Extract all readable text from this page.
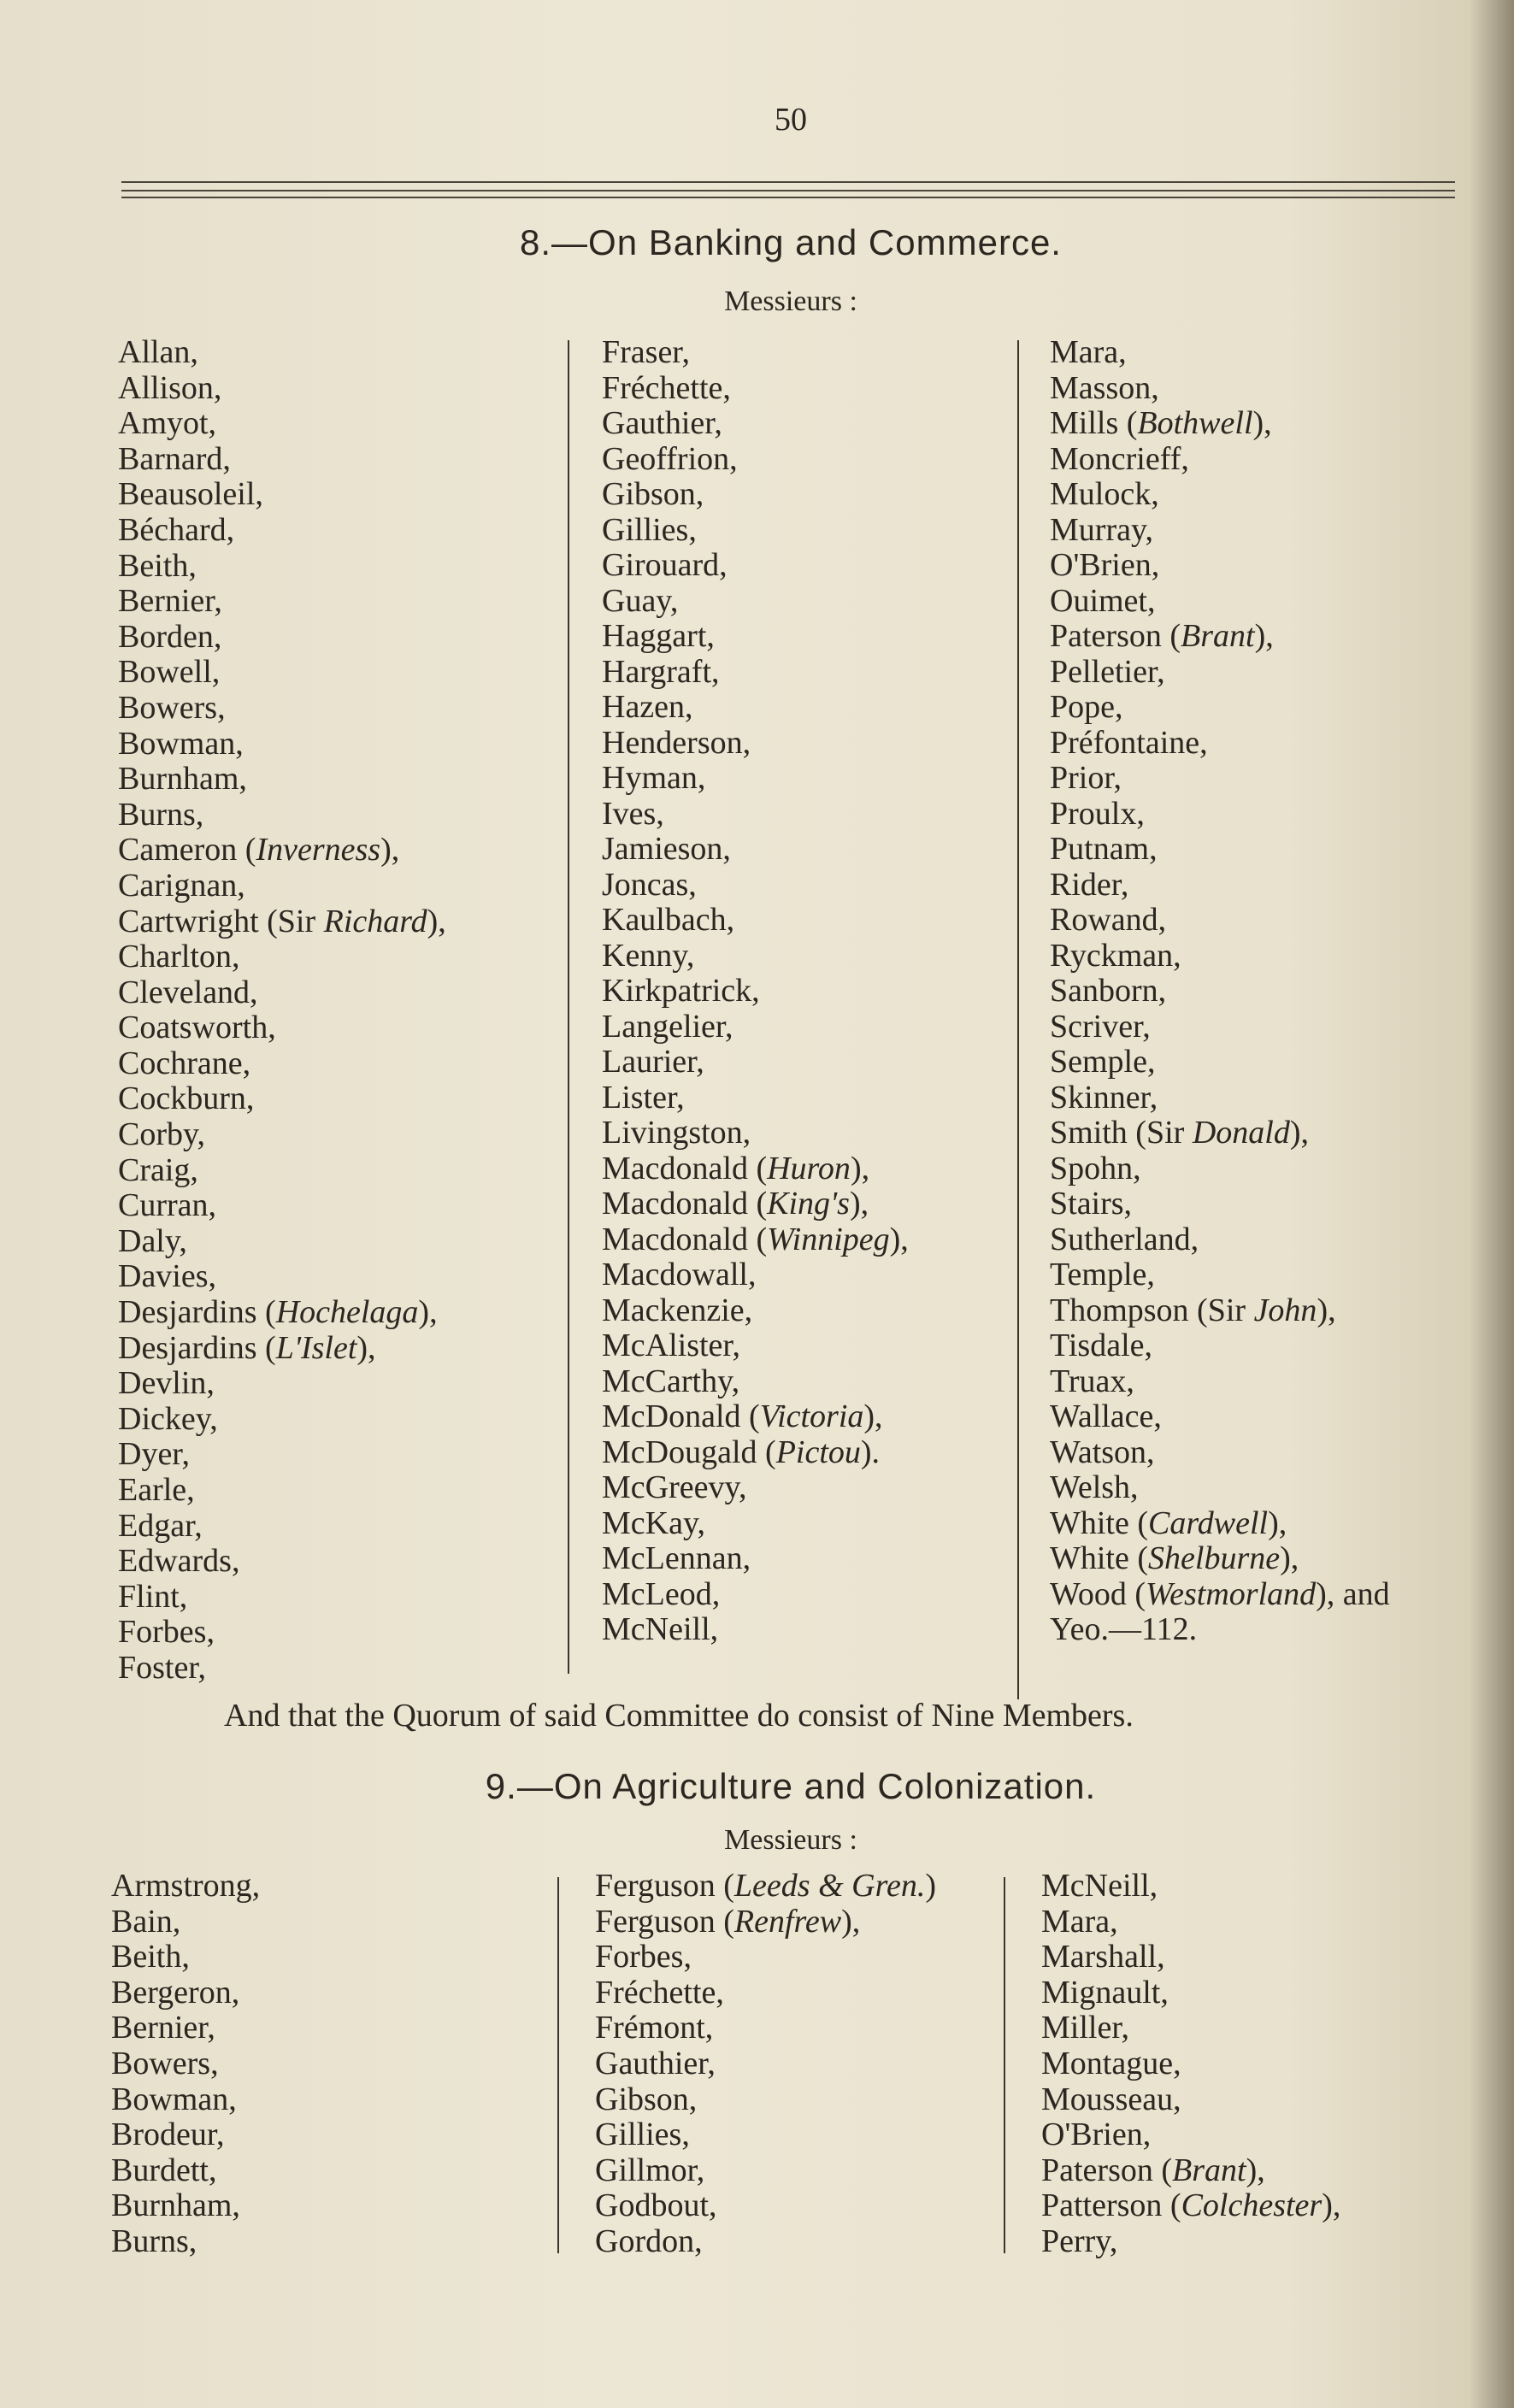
50
8.—On Banking and Commerce.
Messieurs :
Allan,
Allison,
Amyot,
Barnard,
Beausoleil,
Béchard,
Beith,
Bernier,
Borden,
Bowell,
Bowers,
Bowman,
Burnham,
Burns,
Cameron (Inverness),
Carignan,
Cartwright (Sir Richard),
Charlton,
Cleveland,
Coatsworth,
Cochrane,
Cockburn,
Corby,
Craig,
Curran,
Daly,
Davies,
Desjardins (Hochelaga),
Desjardins (L'Islet),
Devlin,
Dickey,
Dyer,
Earle,
Edgar,
Edwards,
Flint,
Forbes,
Foster,
Fraser,
Fréchette,
Gauthier,
Geoffrion,
Gibson,
Gillies,
Girouard,
Guay,
Haggart,
Hargraft,
Hazen,
Henderson,
Hyman,
Ives,
Jamieson,
Joncas,
Kaulbach,
Kenny,
Kirkpatrick,
Langelier,
Laurier,
Lister,
Livingston,
Macdonald (Huron),
Macdonald (King's),
Macdonald (Winnipeg),
Macdowall,
Mackenzie,
McAlister,
McCarthy,
McDonald (Victoria),
McDougald (Pictou).
McGreevy,
McKay,
McLennan,
McLeod,
McNeill,
Mara,
Masson,
Mills (Bothwell),
Moncrieff,
Mulock,
Murray,
O'Brien,
Ouimet,
Paterson (Brant),
Pelletier,
Pope,
Préfontaine,
Prior,
Proulx,
Putnam,
Rider,
Rowand,
Ryckman,
Sanborn,
Scriver,
Semple,
Skinner,
Smith (Sir Donald),
Spohn,
Stairs,
Sutherland,
Temple,
Thompson (Sir John),
Tisdale,
Truax,
Wallace,
Watson,
Welsh,
White (Cardwell),
White (Shelburne),
Wood (Westmorland), and
Yeo.—112.
And that the Quorum of said Committee do consist of Nine Members.
9.—On Agriculture and Colonization.
Messieurs :
Armstrong,
Bain,
Beith,
Bergeron,
Bernier,
Bowers,
Bowman,
Brodeur,
Burdett,
Burnham,
Burns,
Ferguson (Leeds & Gren.)
Ferguson (Renfrew),
Forbes,
Fréchette,
Frémont,
Gauthier,
Gibson,
Gillies,
Gillmor,
Godbout,
Gordon,
McNeill,
Mara,
Marshall,
Mignault,
Miller,
Montague,
Mousseau,
O'Brien,
Paterson (Brant),
Patterson (Colchester),
Perry,
